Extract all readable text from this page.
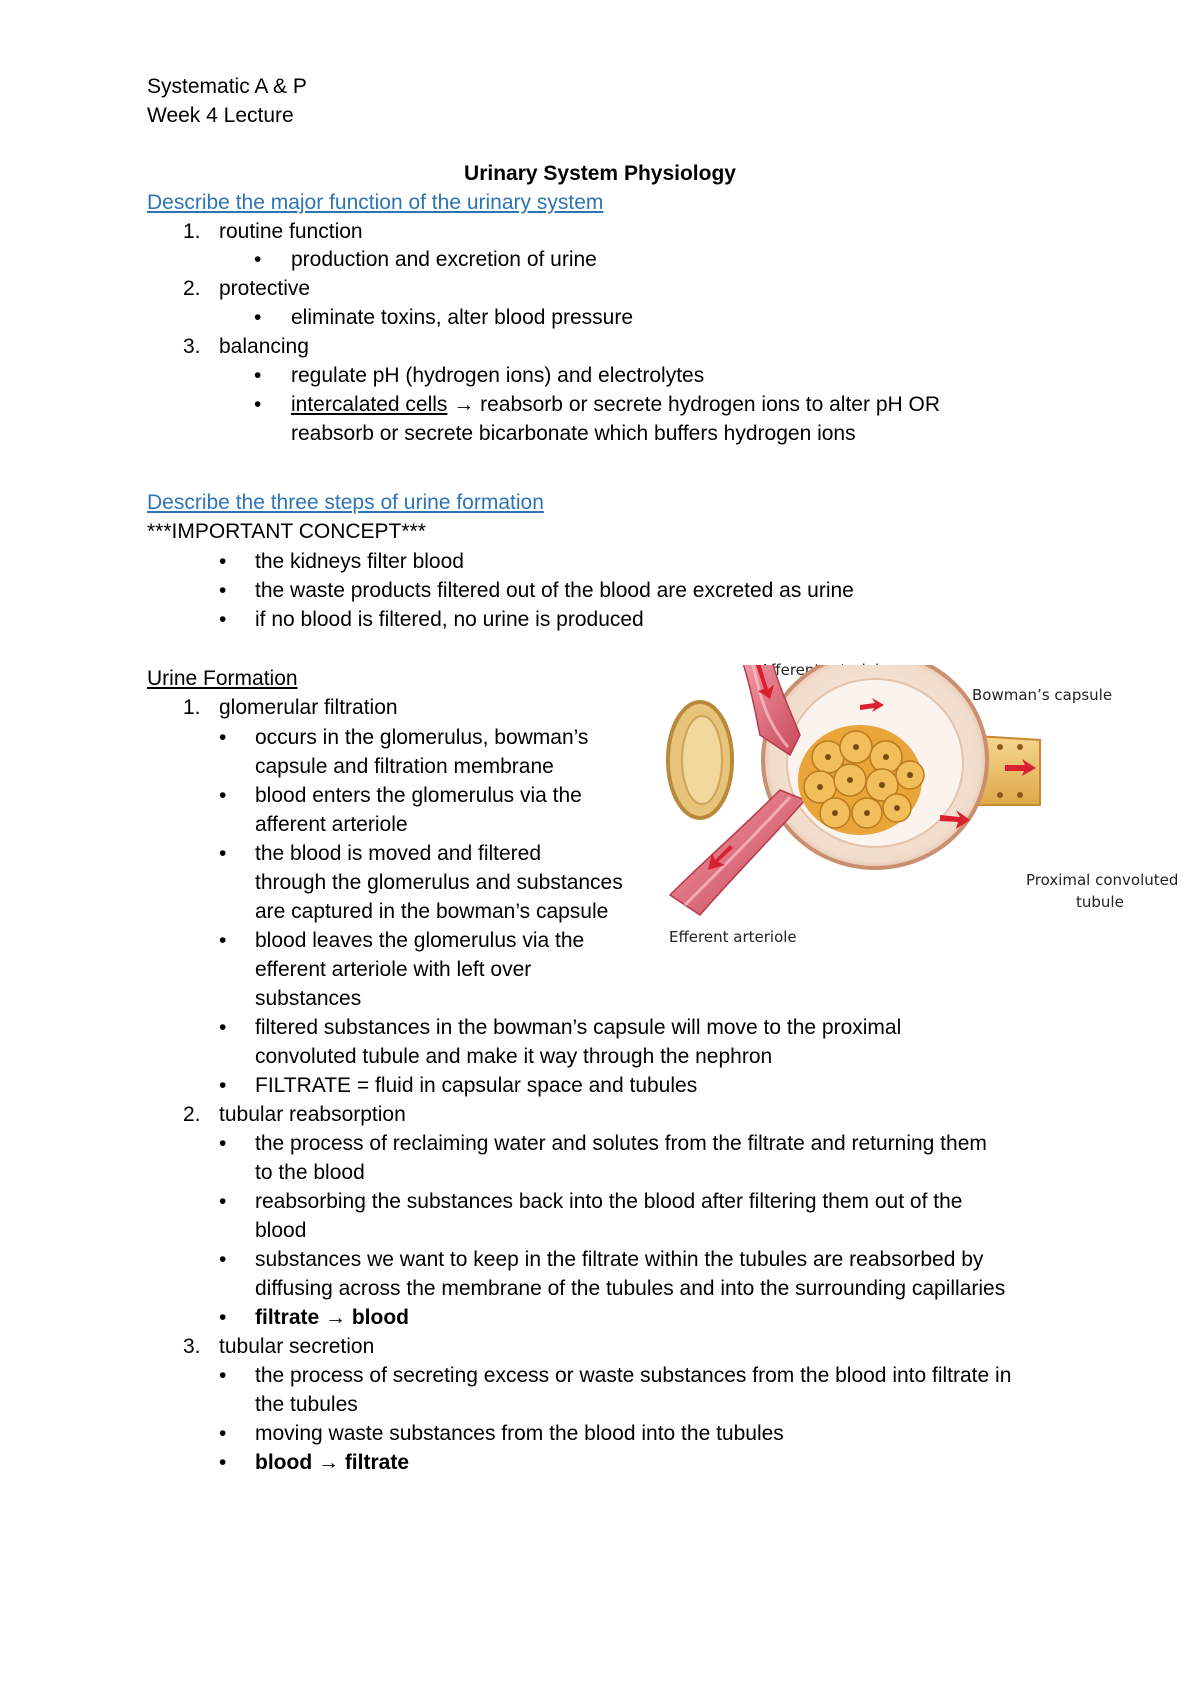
Systematic A & P
Week 4 Lecture
Urinary System Physiology
Describe the major function of the urinary system
1. routine function
•
production and excretion of urine
2. protective
•
eliminate toxins, alter blood pressure
3. balancing
•
regulate pH (hydrogen ions) and electrolytes
•
intercalated cells → reabsorb or secrete hydrogen ions to alter pH OR
reabsorb or secrete bicarbonate which buffers hydrogen ions
Describe the three steps of urine formation
***IMPORTANT CONCEPT***
•
the kidneys filter blood
•
the waste products filtered out of the blood are excreted as urine
•
if no blood is filtered, no urine is produced
Urine Formation
1. glomerular filtration
•
occurs in the glomerulus, bowman’s
capsule and filtration membrane
•
blood enters the glomerulus via the
afferent arteriole
•
the blood is moved and filtered
through the glomerulus and substances
are captured in the bowman’s capsule
•
blood leaves the glomerulus via the
efferent arteriole with left over
substances
•
filtered substances in the bowman’s capsule will move to the proximal
convoluted tubule and make it way through the nephron
•
FILTRATE = fluid in capsular space and tubules
2. tubular reabsorption
•
the process of reclaiming water and solutes from the filtrate and returning them
to the blood
•
reabsorbing the substances back into the blood after filtering them out of the
blood
•
substances we want to keep in the filtrate within the tubules are reabsorbed by
diffusing across the membrane of the tubules and into the surrounding capillaries
•
filtrate → blood
3. tubular secretion
•
the process of secreting excess or waste substances from the blood into filtrate in
the tubules
•
moving waste substances from the blood into the tubules
•
blood → filtrate
Afferent
Bowman’s capsule
Proximal convoluted
tubule
Efferent arteriole
